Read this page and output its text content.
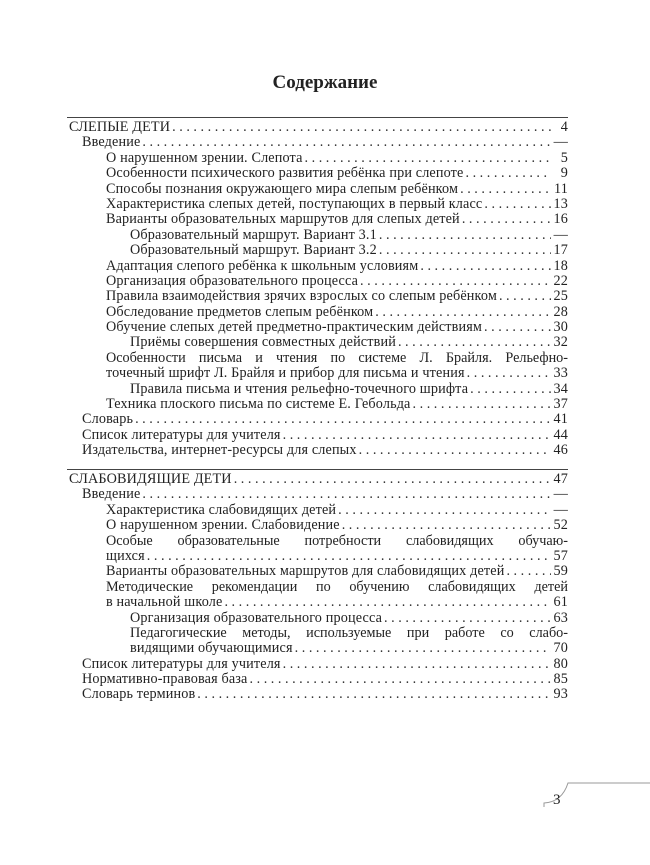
Содержание
СЛЕПЫЕ ДЕТИ . . .	4
Введение . . .	—
О нарушенном зрении. Слепота . . .	5
Особенности психического развития ребёнка при слепоте . . .	9
Способы познания окружающего мира слепым ребёнком . . .	11
Характеристика слепых детей, поступающих в первый класс . . .	13
Варианты образовательных маршрутов для слепых детей . . .	16
Образовательный маршрут. Вариант 3.1 . . .	—
Образовательный маршрут. Вариант 3.2 . . .	17
Адаптация слепого ребёнка к школьным условиям . . .	18
Организация образовательного процесса . . .	22
Правила взаимодействия зрячих взрослых со слепым ребёнком . . .	25
Обследование предметов слепым ребёнком . . .	28
Обучение слепых детей предметно-практическим действиям . . .	30
Приёмы совершения совместных действий . . .	32
Особенности письма и чтения по системе Л. Брайля. Рельефно-
точечный шрифт Л. Брайля и прибор для письма и чтения . . .	33
Правила письма и чтения рельефно-точечного шрифта . . .	34
Техника плоского письма по системе Е. Гебольда . . .	37
Словарь . . .	41
Список литературы для учителя . . .	44
Издательства, интернет-ресурсы для слепых . . .	46
СЛАБОВИДЯЩИЕ ДЕТИ . . .	47
Введение . . .	—
Характеристика слабовидящих детей . . .	—
О нарушенном зрении. Слабовидение . . .	52
Особые образовательные потребности слабовидящих обучаю-
щихся . . .	57
Варианты образовательных маршрутов для слабовидящих детей . . .	59
Методические рекомендации по обучению слабовидящих детей
в начальной школе . . .	61
Организация образовательного процесса . . .	63
Педагогические методы, используемые при работе со слабо-
видящими обучающимися . . .	70
Список литературы для учителя . . .	80
Нормативно-правовая база . . .	85
Словарь терминов . . .	93
3
